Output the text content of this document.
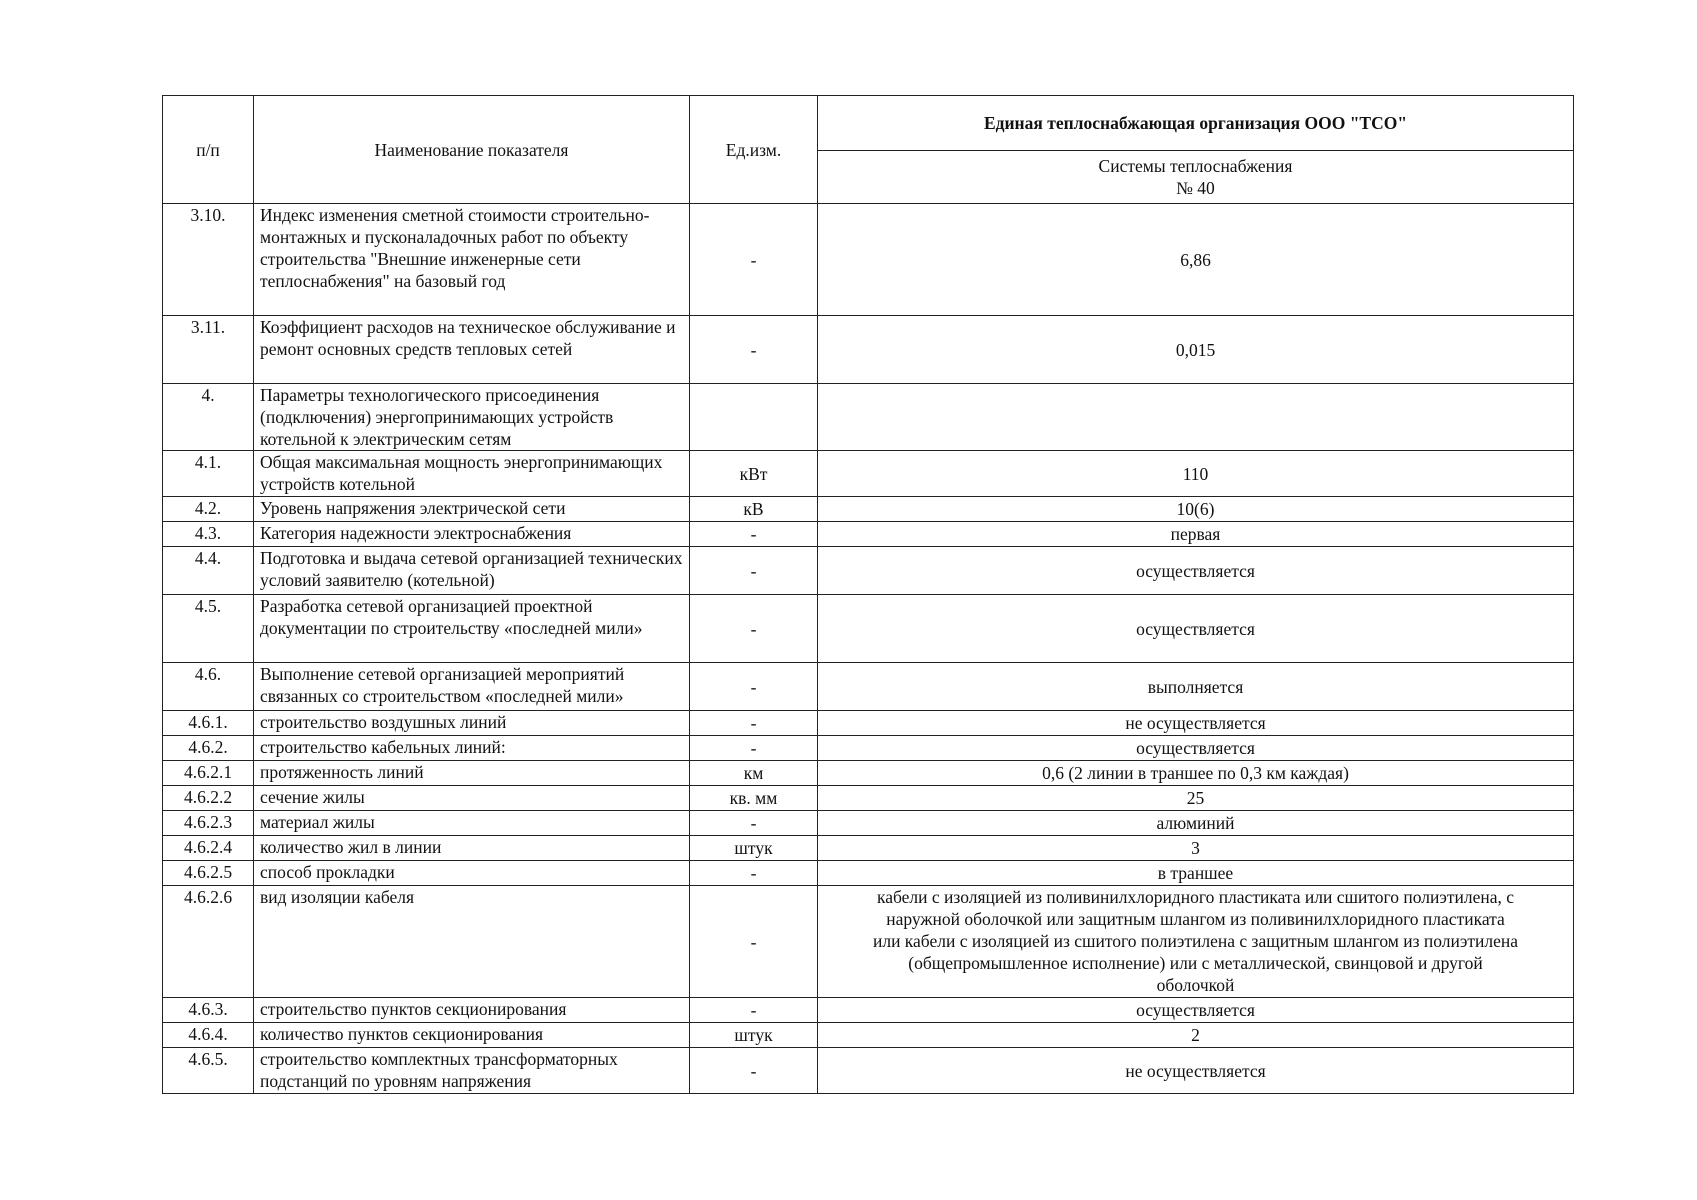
п/п	Наименование показателя	Ед.изм.	Единая теплоснабжающая организация ООО "ТСО"

			Системы теплоснабжения
№ 40

3.10.	Индекс изменения сметной стоимости строительно-монтажных и пусконаладочных работ по объекту строительства "Внешние инженерные сети теплоснабжения" на базовый год	-	6,86
3.11.	Коэффициент расходов на техническое обслуживание и ремонт основных средств тепловых сетей	-	0,015
4.	Параметры технологического присоединения (подключения) энергопринимающих устройств котельной к электрическим сетям		
4.1.	Общая максимальная мощность энергопринимающих устройств котельной	кВт	110
4.2.	Уровень напряжения электрической сети	кВ	10(6)
4.3.	Категория надежности электроснабжения	-	первая
4.4.	Подготовка и выдача сетевой организацией технических условий заявителю (котельной)	-	осуществляется
4.5.	Разработка сетевой организацией проектной документации по строительству «последней мили»	-	осуществляется
4.6.	Выполнение сетевой организацией мероприятий связанных со строительством «последней мили»	-	выполняется
4.6.1.	строительство воздушных линий	-	не осуществляется
4.6.2.	строительство кабельных линий:	-	осуществляется
4.6.2.1	протяженность линий	км	0,6 (2 линии в траншее по 0,3 км каждая)
4.6.2.2	сечение жилы	кв. мм	25
4.6.2.3	материал жилы	-	алюминий
4.6.2.4	количество жил в линии	штук	3
4.6.2.5	способ прокладки	-	в траншее
4.6.2.6	вид изоляции кабеля	-	кабели с изоляцией из поливинилхлоридного пластиката или сшитого полиэтилена, с
наружной оболочкой или защитным шлангом из поливинилхлоридного пластиката
или кабели с изоляцией из сшитого полиэтилена с защитным шлангом из полиэтилена
(общепромышленное исполнение) или с металлической, свинцовой и другой
оболочкой

4.6.3.	строительство пунктов секционирования	-	осуществляется
4.6.4.	количество пунктов секционирования	штук	2
4.6.5.	строительство комплектных трансформаторных подстанций по уровням напряжения	-	не осуществляется
